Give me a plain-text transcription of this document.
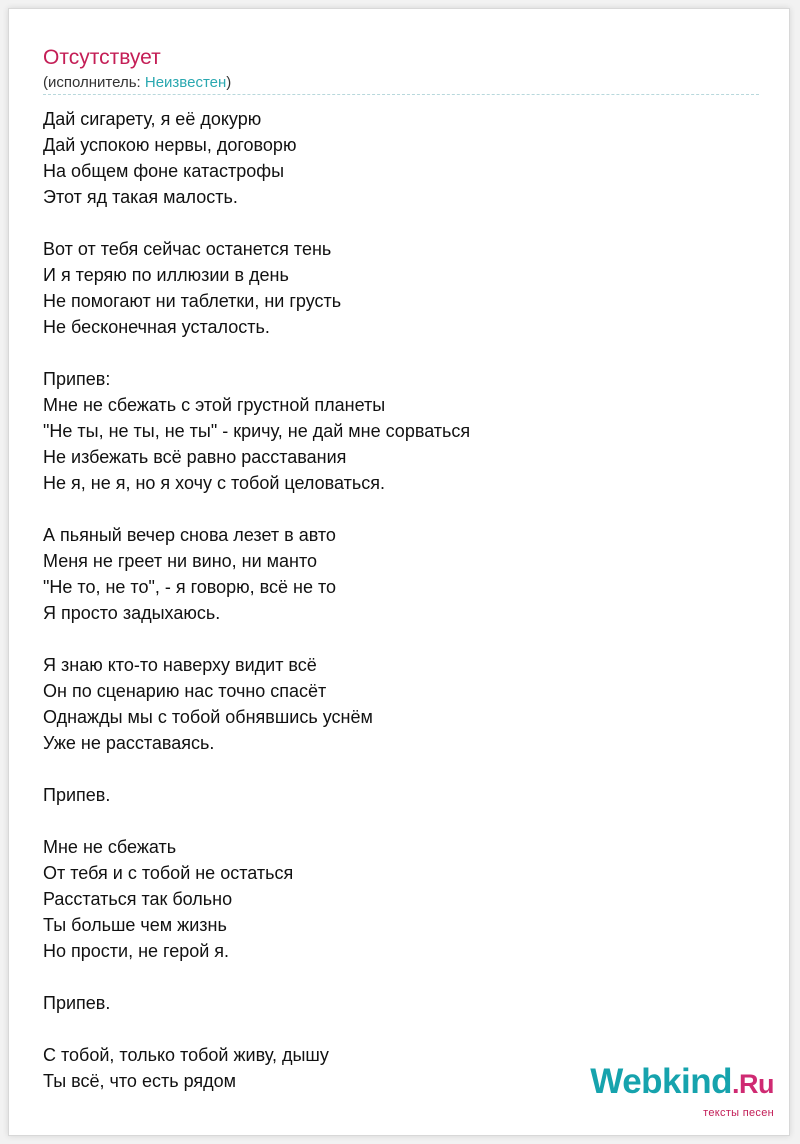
Отсутствует
(исполнитель: Неизвестен)
Дай сигарету, я её докурю
Дай успокою нервы, договорю
На общем фоне катастрофы
Этот яд такая малость.
Вот от тебя сейчас останется тень
И я теряю по иллюзии в день
Не помогают ни таблетки, ни грусть
Не бесконечная усталость.
Припев:
Мне не сбежать с этой грустной планеты
"Не ты, не ты, не ты" - кричу, не дай мне сорваться
Не избежать всё равно расставания
Не я, не я, но я хочу с тобой целоваться.
А пьяный вечер снова лезет в авто
Меня не греет ни вино, ни манто
"Не то, не то", - я говорю, всё не то
Я просто задыхаюсь.
Я знаю кто-то наверху видит всё
Он по сценарию нас точно спасёт
Однажды мы с тобой обнявшись уснём
Уже не расставаясь.
Припев.
Мне не сбежать
От тебя и с тобой не остаться
Расстаться так больно
Ты больше чем жизнь
Но прости, не герой я.
Припев.
С тобой, только тобой живу, дышу
Ты всё, что есть рядом	Webkind.Ru
тексты песен
